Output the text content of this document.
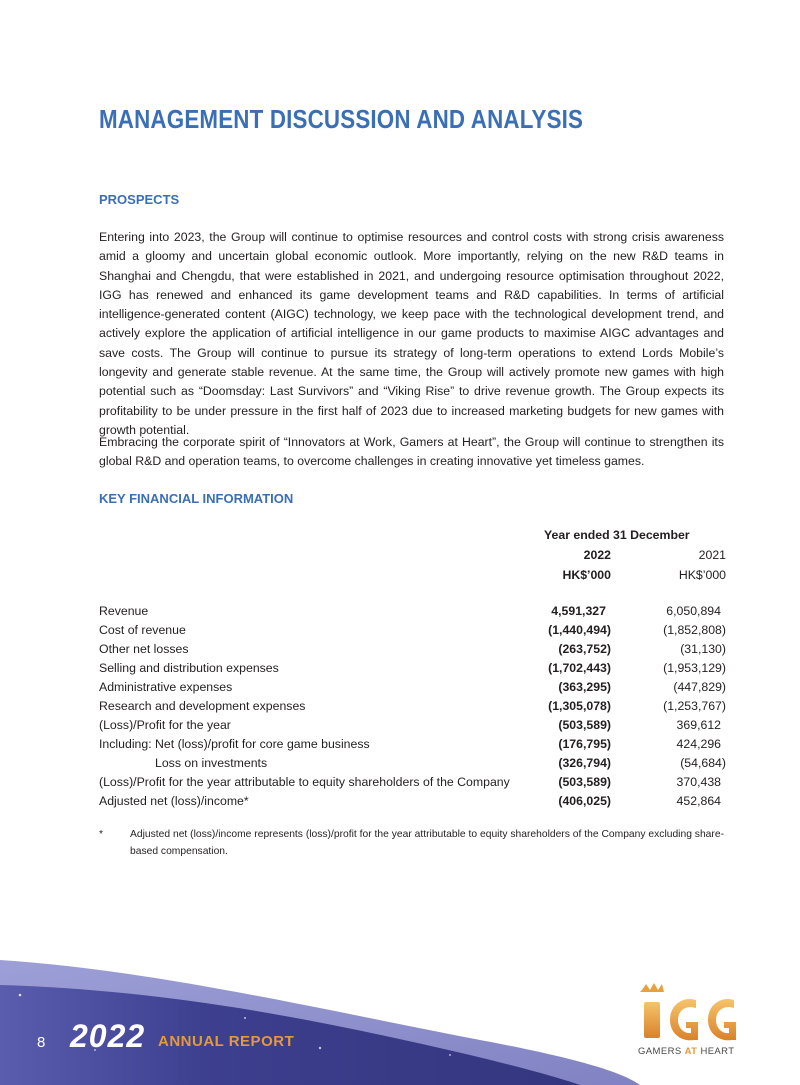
MANAGEMENT DISCUSSION AND ANALYSIS
PROSPECTS

Entering into 2023, the Group will continue to optimise resources and control costs with strong crisis awareness amid a gloomy and uncertain global economic outlook. More importantly, relying on the new R&D teams in Shanghai and Chengdu, that were established in 2021, and undergoing resource optimisation throughout 2022, IGG has renewed and enhanced its game development teams and R&D capabilities. In terms of artificial intelligence-generated content (AIGC) technology, we keep pace with the technological development trend, and actively explore the application of artificial intelligence in our game products to maximise AIGC advantages and save costs. The Group will continue to pursue its strategy of long-term operations to extend Lords Mobile’s longevity and generate stable revenue. At the same time, the Group will actively promote new games with high potential such as “Doomsday: Last Survivors” and “Viking Rise” to drive revenue growth. The Group expects its profitability to be under pressure in the first half of 2023 due to increased marketing budgets for new games with growth potential.

Embracing the corporate spirit of “Innovators at Work, Gamers at Heart”, the Group will continue to strengthen its global R&D and operation teams, to overcome challenges in creating innovative yet timeless games.

KEY FINANCIAL INFORMATION
Year ended 31 December
2022	2021
HK$’000	HK$’000
Revenue	4,591,327	6,050,894
Cost of revenue	(1,440,494)	(1,852,808)
Other net losses	(263,752)	(31,130)
Selling and distribution expenses	(1,702,443)	(1,953,129)
Administrative expenses	(363,295)	(447,829)
Research and development expenses	(1,305,078)	(1,253,767)
(Loss)/Profit for the year	(503,589)	369,612
Including: Net (loss)/profit for core game business	(176,795)	424,296
Loss on investments	(326,794)	(54,684)
(Loss)/Profit for the year attributable to equity shareholders of the Company	(503,589)	370,438
Adjusted net (loss)/income*	(406,025)	452,864
*	Adjusted net (loss)/income represents (loss)/profit for the year attributable to equity shareholders of the Company excluding share-based compensation.
8 2022 ANNUAL REPORT
GAMERS AT HEART
